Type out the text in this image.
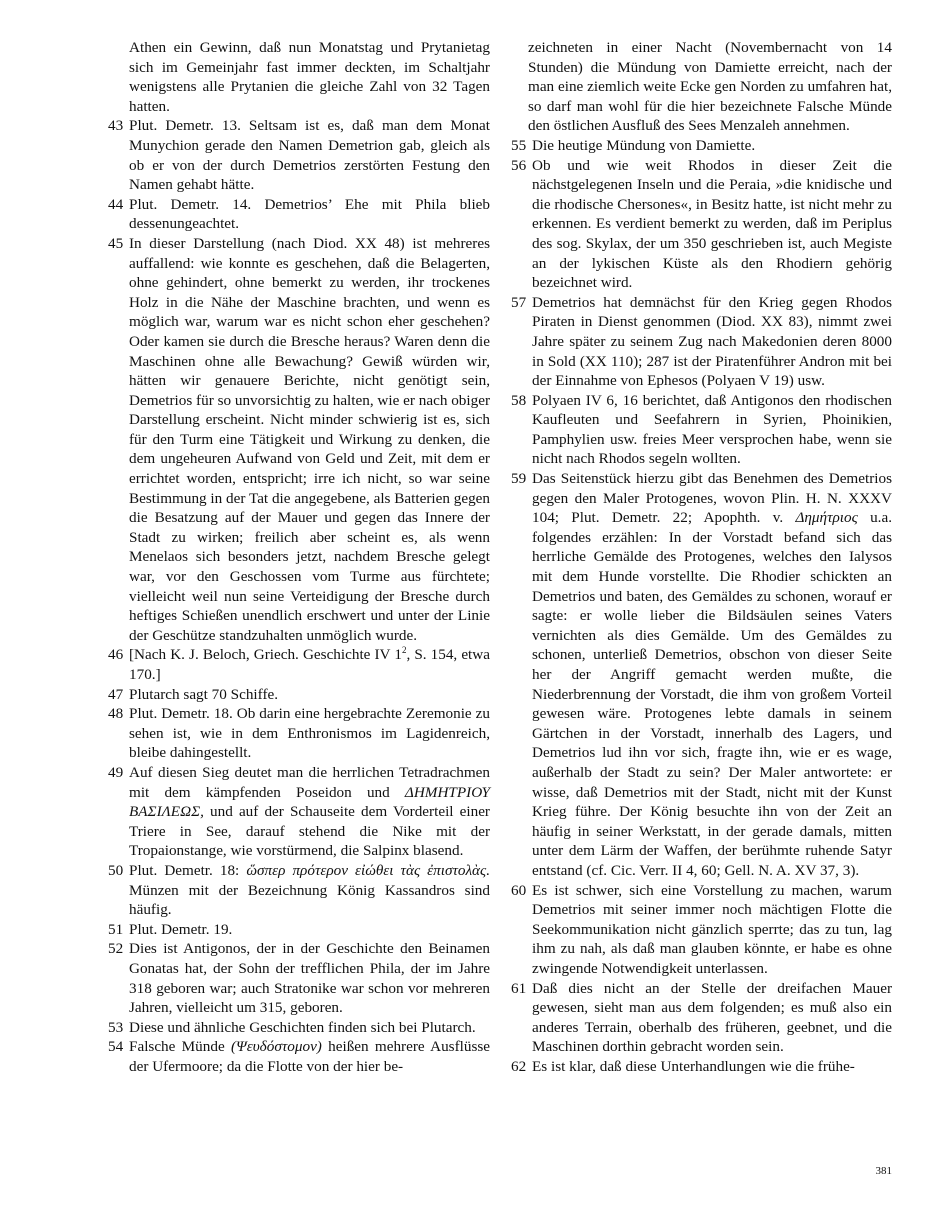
Athen ein Gewinn, daß nun Monatstag und Prytanietag sich im Gemeinjahr fast immer deckten, im Schaltjahr wenigstens alle Prytanien die gleiche Zahl von 32 Tagen hatten.

43 Plut. Demetr. 13. Seltsam ist es, daß man dem Monat Munychion gerade den Namen Demetrion gab, gleich als ob er von der durch Demetrios zerstörten Festung den Namen gehabt hätte.

44 Plut. Demetr. 14. Demetrios’ Ehe mit Phila blieb dessenungeachtet.

45 In dieser Darstellung (nach Diod. XX 48) ist mehreres auffallend: wie konnte es geschehen, daß die Belagerten, ohne gehindert, ohne bemerkt zu werden, ihr trockenes Holz in die Nähe der Maschine brachten, und wenn es möglich war, warum war es nicht schon eher geschehen? Oder kamen sie durch die Bresche heraus? Waren denn die Maschinen ohne alle Bewachung? Gewiß würden wir, hätten wir genauere Berichte, nicht genötigt sein, Demetrios für so unvorsichtig zu halten, wie er nach obiger Darstellung erscheint. Nicht minder schwierig ist es, sich für den Turm eine Tätigkeit und Wirkung zu denken, die dem ungeheuren Aufwand von Geld und Zeit, mit dem er errichtet worden, entspricht; irre ich nicht, so war seine Bestimmung in der Tat die angegebene, als Batterien gegen die Besatzung auf der Mauer und gegen das Innere der Stadt zu wirken; freilich aber scheint es, als wenn Menelaos sich besonders jetzt, nachdem Bresche gelegt war, vor den Geschossen vom Turme aus fürchtete; vielleicht weil nun seine Verteidigung der Bresche durch heftiges Schießen unendlich erschwert und unter der Linie der Geschütze standzuhalten unmöglich wurde.

46 [Nach K. J. Beloch, Griech. Geschichte IV $1^2$, S. 154, etwa 170.]

47 Plutarch sagt 70 Schiffe.

48 Plut. Demetr. 18. Ob darin eine hergebrachte Zeremonie zu sehen ist, wie in dem Enthronismos im Lagidenreich, bleibe dahingestellt.

49 Auf diesen Sieg deutet man die herrlichen Tetradrachmen mit dem kämpfenden Poseidon und ΔΗΜΗΤΡΙΟΥ ΒΑΣΙΛΕΩΣ, und auf der Schauseite dem Vorderteil einer Triere in See, darauf stehend die Nike mit der Tropaionstange, wie vorstürmend, die Salpinx blasend.

50 Plut. Demetr. 18: ὥσπερ πρότερον εἰώθει τὰς ἐπιστολὰς. Münzen mit der Bezeichnung König Kassandros sind häufig.

51 Plut. Demetr. 19.

52 Dies ist Antigonos, der in der Geschichte den Beinamen Gonatas hat, der Sohn der trefflichen Phila, der im Jahre 318 geboren war; auch Stratonike war schon vor mehreren Jahren, vielleicht um 315, geboren.

53 Diese und ähnliche Geschichten finden sich bei Plutarch.

54 Falsche Münde (Ψευδόστομον) heißen mehrere Ausflüsse der Ufermoore; da die Flotte von der hier be-

zeichneten in einer Nacht (Novembernacht von 14 Stunden) die Mündung von Damiette erreicht, nach der man eine ziemlich weite Ecke gen Norden zu umfahren hat, so darf man wohl für die hier bezeichnete Falsche Münde den östlichen Ausfluß des Sees Menzaleh annehmen.

55 Die heutige Mündung von Damiette.

56 Ob und wie weit Rhodos in dieser Zeit die nächstgelegenen Inseln und die Peraia, »die knidische und die rhodische Chersones«, in Besitz hatte, ist nicht mehr zu erkennen. Es verdient bemerkt zu werden, daß im Periplus des sog. Skylax, der um 350 geschrieben ist, auch Megiste an der lykischen Küste als den Rhodiern gehörig bezeichnet wird.

57 Demetrios hat demnächst für den Krieg gegen Rhodos Piraten in Dienst genommen (Diod. XX 83), nimmt zwei Jahre später zu seinem Zug nach Makedonien deren 8000 in Sold (XX 110); 287 ist der Piratenführer Andron mit bei der Einnahme von Ephesos (Polyaen V 19) usw.

58 Polyaen IV 6, 16 berichtet, daß Antigonos den rhodischen Kaufleuten und Seefahrern in Syrien, Phoinikien, Pamphylien usw. freies Meer versprochen habe, wenn sie nicht nach Rhodos segeln wollten.

59 Das Seitenstück hierzu gibt das Benehmen des Demetrios gegen den Maler Protogenes, wovon Plin. H. N. XXXV 104; Plut. Demetr. 22; Apophth. v. Δημήτριος u.a. folgendes erzählen: In der Vorstadt befand sich das herrliche Gemälde des Protogenes, welches den Ialysos mit dem Hunde vorstellte. Die Rhodier schickten an Demetrios und baten, des Gemäldes zu schonen, worauf er sagte: er wolle lieber die Bildsäulen seines Vaters vernichten als dies Gemälde. Um des Gemäldes zu schonen, unterließ Demetrios, obschon von dieser Seite her der Angriff gemacht werden mußte, die Niederbrennung der Vorstadt, die ihm von großem Vorteil gewesen wäre. Protogenes lebte damals in seinem Gärtchen in der Vorstadt, innerhalb des Lagers, und Demetrios lud ihn vor sich, fragte ihn, wie er es wage, außerhalb der Stadt zu sein? Der Maler antwortete: er wisse, daß Demetrios mit der Stadt, nicht mit der Kunst Krieg führe. Der König besuchte ihn von der Zeit an häufig in seiner Werkstatt, in der gerade damals, mitten unter dem Lärm der Waffen, der berühmte ruhende Satyr entstand (cf. Cic. Verr. II 4, 60; Gell. N. A. XV 37, 3).

60 Es ist schwer, sich eine Vorstellung zu machen, warum Demetrios mit seiner immer noch mächtigen Flotte die Seekommunikation nicht gänzlich sperrte; das zu tun, lag ihm zu nah, als daß man glauben könnte, er habe es ohne zwingende Notwendigkeit unterlassen.

61 Daß dies nicht an der Stelle der dreifachen Mauer gewesen, sieht man aus dem folgenden; es muß also ein anderes Terrain, oberhalb des früheren, geebnet, und die Maschinen dorthin gebracht worden sein.

62 Es ist klar, daß diese Unterhandlungen wie die frühe-

381
